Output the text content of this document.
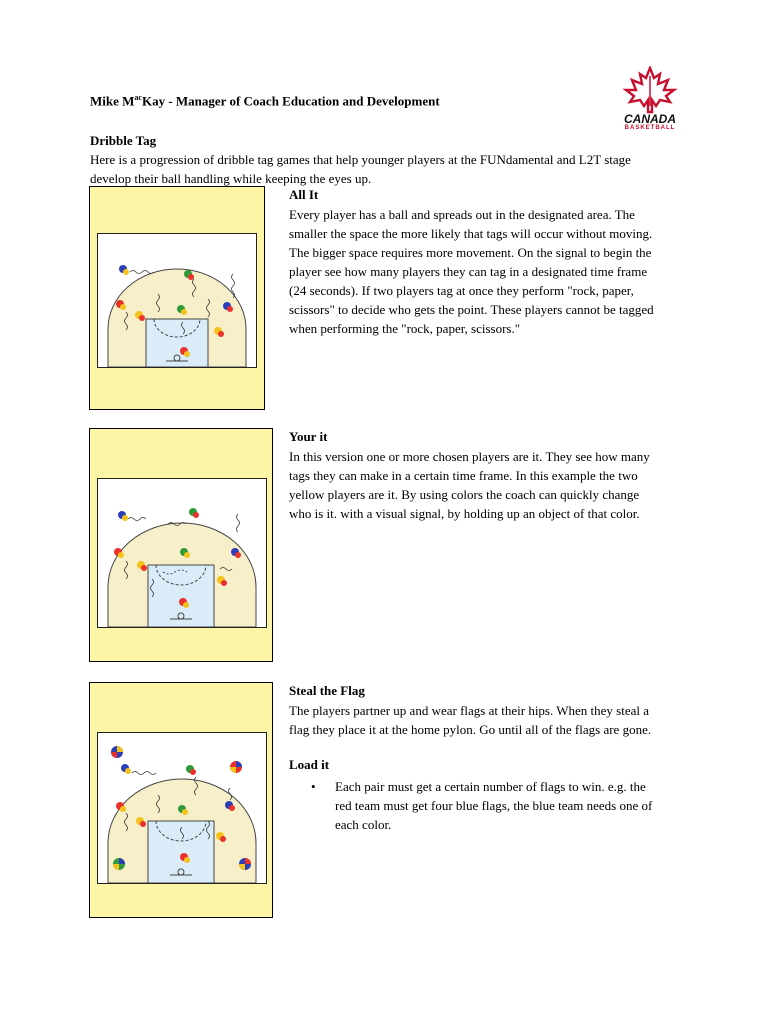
Mike $M^{ac}Kay$ - Manager of Coach Education and Development
CANADA
BASKETBALL
Dribble Tag
Here is a progression of dribble tag games that help younger players at the FUNdamental and L2T stage develop their ball handling while keeping the eyes up.
All It
Every player has a ball and spreads out in the designated area. The
smaller the space the more likely that tags will occur without moving.
The bigger space requires more movement. On the signal to begin the
player see how many players they can tag in a designated time frame
(24 seconds). If two players tag at once they perform "rock, paper,
scissors" to decide who gets the point. These players cannot be tagged
when performing the "rock, paper, scissors."
Your it
In this version one or more chosen players are it. They see how many
tags they can make in a certain time frame. In this example the two
yellow players are it. By using colors the coach can quickly change
who is it. with a visual signal, by holding up an object of that color.
Steal the Flag
The players partner up and wear flags at their hips. When they steal a
flag they place it at the home pylon. Go until all of the flags are gone.
Load it
• Each pair must get a certain number of flags to win. e.g. the
red team must get four blue flags, the blue team needs one of
each color.
